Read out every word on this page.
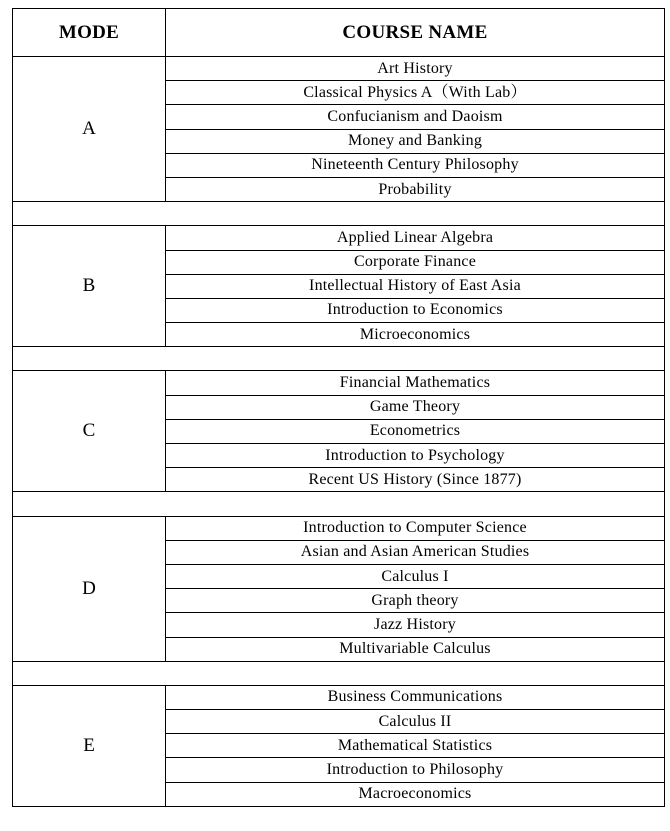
MODE	COURSE NAME
A	Art History
	Classical Physics A（With Lab）
	Confucianism and Daoism
	Money and Banking
	Nineteenth Century Philosophy
	Probability

B	Applied Linear Algebra
	Corporate Finance
	Intellectual History of East Asia
	Introduction to Economics
	Microeconomics

C	Financial Mathematics
	Game Theory
	Econometrics
	Introduction to Psychology
	Recent US History (Since 1877)

D	Introduction to Computer Science
	Asian and Asian American Studies
	Calculus I
	Graph theory
	Jazz History
	Multivariable Calculus

E	Business Communications
	Calculus II
	Mathematical Statistics
	Introduction to Philosophy
	Macroeconomics
